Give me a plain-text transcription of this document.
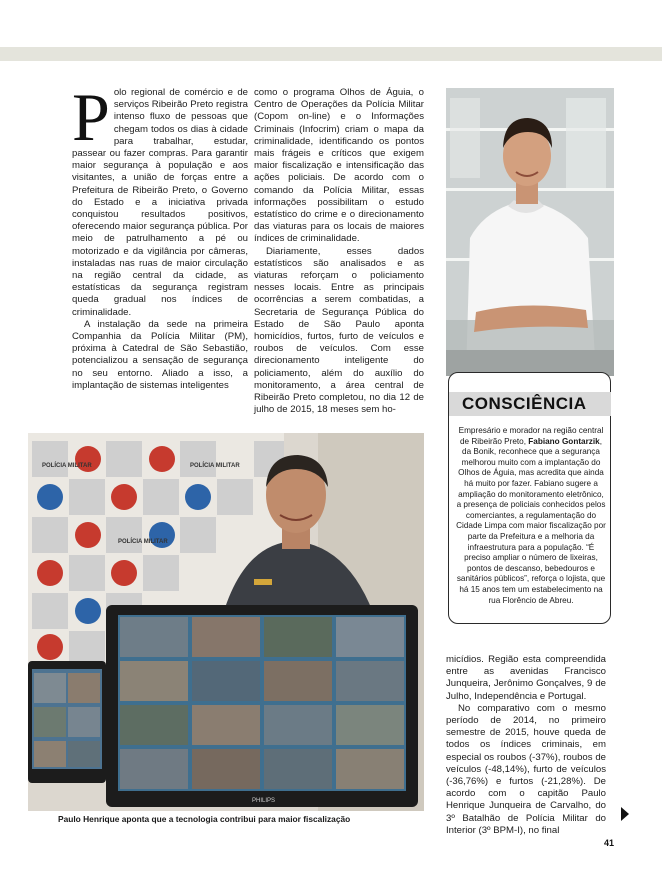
P olo regional de comércio e de serviços Ribeirão Preto registra intenso fluxo de pessoas que chegam todos os dias à cidade para trabalhar, estudar, passear ou fazer compras. Para garantir maior segurança à população e aos visitantes, a união de forças entre a Prefeitura de Ribeirão Preto, o Governo do Estado e a iniciativa privada conquistou resultados positivos, oferecendo maior segurança pública. Por meio de patrulhamento a pé ou motorizado e da vigilância por câmeras, instaladas nas ruas de maior circulação na região central da cidade, as estatísticas da segurança registram queda gradual nos índices de criminalidade.

A instalação da sede na primeira Companhia da Polícia Militar (PM), próxima à Catedral de São Sebastião, potencializou a sensação de segurança no seu entorno. Aliado a isso, a implantação de sistemas inteligentes

como o programa Olhos de Águia, o Centro de Operações da Polícia Militar (Copom on-line) e o Informações Criminais (Infocrim) criam o mapa da criminalidade, identificando os pontos mais frágeis e críticos que exigem maior fiscalização e intensificação das ações policiais. De acordo com o comando da Polícia Militar, essas informações possibilitam o estudo estatístico do crime e o direcionamento das viaturas para os locais de maiores índices de criminalidade.

Diariamente, esses dados estatísticos são analisados e as viaturas reforçam o policiamento nesses locais. Entre as principais ocorrências a serem combatidas, a Secretaria de Segurança Pública do Estado de São Paulo aponta homicídios, furtos, furto de veículos e roubos de veículos. Com esse direcionamento inteligente do policiamento, além do auxílio do monitoramento, a área central de Ribeirão Preto completou, no dia 12 de julho de 2015, 18 meses sem ho-

micídios. Região esta compreendida entre as avenidas Francisco Junqueira, Jerônimo Gonçalves, 9 de Julho, Independência e Portugal.

No comparativo com o mesmo período de 2014, no primeiro semestre de 2015, houve queda de todos os índices criminais, em especial os roubos (-37%), roubos de veículos (-48,14%), furto de veículos (-36,76%) e furtos (-21,28%). De acordo com o capitão Paulo Henrique Junqueira de Carvalho, do 3º Batalhão de Polícia Militar do Interior (3º BPM-I), no final

CONSCIÊNCIA
Empresário e morador na região central de Ribeirão Preto, Fabiano Gontarzik, da Bonik, reconhece que a segurança melhorou muito com a implantação do Olhos de Águia, mas acredita que ainda há muito por fazer. Fabiano sugere a ampliação do monitoramento eletrônico, a presença de policiais conhecidos pelos comerciantes, a regulamentação do Cidade Limpa com maior fiscalização por parte da Prefeitura e a melhoria da infraestrutura para a população. “É preciso ampliar o número de lixeiras, pontos de descanso, bebedouros e sanitários públicos”, reforça o lojista, que há 15 anos tem um estabelecimento na rua Florêncio de Abreu.
POLÍCIA MILITAR
POLÍCIA MILITAR
POLÍCIA MILITAR
PHILIPS
Paulo Henrique aponta que a tecnologia contribui para maior fiscalização
41
